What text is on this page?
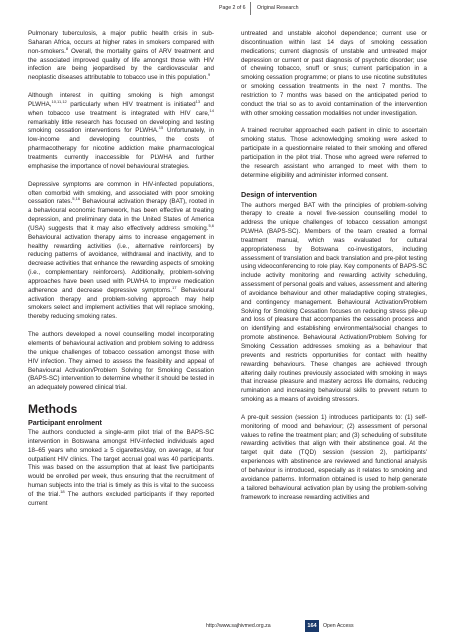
Page 2 of 6 Original Research

Pulmonary tuberculosis, a major public health crisis in sub-Saharan Africa, occurs at higher rates in smokers compared with non-smokers.$^8$ Overall, the mortality gains of ARV treatment and the associated improved quality of life amongst those with HIV infection are being jeopardised by the cardiovascular and neoplastic diseases attributable to tobacco use in this population.$^9$

Although interest in quitting smoking is high amongst PLWHA,$^{10,11,12}$ particularly when HIV treatment is initiated$^{13}$ and when tobacco use treatment is integrated with HIV care,$^{14}$ remarkably little research has focused on developing and testing smoking cessation interventions for PLWHA.$^{15}$ Unfortunately, in low-income and developing countries, the costs of pharmacotherapy for nicotine addiction make pharmacological treatments currently inaccessible for PLWHA and further emphasise the importance of novel behavioural strategies.

Depressive symptoms are common in HIV-infected populations, often comorbid with smoking, and associated with poor smoking cessation rates.$^{5,16}$ Behavioural activation therapy (BAT), rooted in a behavioural economic framework, has been effective at treating depression, and preliminary data in the United States of America (USA) suggests that it may also effectively address smoking.$^{5,6}$ Behavioural activation therapy aims to increase engagement in healthy rewarding activities (i.e., alternative reinforcers) by reducing patterns of avoidance, withdrawal and inactivity, and to decrease activities that enhance the rewarding aspects of smoking (i.e., complementary reinforcers). Additionally, problem-solving approaches have been used with PLWHA to improve medication adherence and decrease depressive symptoms.$^{17}$ Behavioural activation therapy and problem-solving approach may help smokers select and implement activities that will replace smoking, thereby reducing smoking rates.

The authors developed a novel counselling model incorporating elements of behavioural activation and problem solving to address the unique challenges of tobacco cessation amongst those with HIV infection. They aimed to assess the feasibility and appeal of Behavioural Activation/Problem Solving for Smoking Cessation (BAPS-SC) intervention to determine whether it should be tested in an adequately powered clinical trial.

Methods
Participant enrolment

The authors conducted a single-arm pilot trial of the BAPS-SC intervention in Botswana amongst HIV-infected individuals aged 18–65 years who smoked ≥ 5 cigarettes/day, on average, at four outpatient HIV clinics. The target accrual goal was 40 participants. This was based on the assumption that at least five participants would be enrolled per week, thus ensuring that the recruitment of human subjects into the trial is timely as this is vital to the success of the trial.$^{18}$ The authors excluded participants if they reported current

untreated and unstable alcohol dependence; current use or discontinuation within last 14 days of smoking cessation medications; current diagnosis of unstable and untreated major depression or current or past diagnosis of psychotic disorder; use of chewing tobacco, snuff or snus; current participation in a smoking cessation programme; or plans to use nicotine substitutes or smoking cessation treatments in the next 7 months. The restriction to 7 months was based on the anticipated period to conduct the trial so as to avoid contamination of the intervention with other smoking cessation modalities not under investigation.

A trained recruiter approached each patient in clinic to ascertain smoking status. Those acknowledging smoking were asked to participate in a questionnaire related to their smoking and offered participation in the pilot trial. Those who agreed were referred to the research assistant who arranged to meet with them to determine eligibility and administer informed consent.

Design of intervention

The authors merged BAT with the principles of problem-solving therapy to create a novel five-session counselling model to address the unique challenges of tobacco cessation amongst PLWHA (BAPS-SC). Members of the team created a formal treatment manual, which was evaluated for cultural appropriateness by Botswana co-investigators, including assessment of translation and back translation and pre-pilot testing using videoconferencing to role play. Key components of BAPS-SC include activity monitoring and rewarding activity scheduling, assessment of personal goals and values, assessment and altering of avoidance behaviour and other maladaptive coping strategies, and contingency management. Behavioural Activation/Problem Solving for Smoking Cessation focuses on reducing stress pile-up and loss of pleasure that accompanies the cessation process and on identifying and establishing environmental/social changes to promote abstinence. Behavioural Activation/Problem Solving for Smoking Cessation addresses smoking as a behaviour that prevents and restricts opportunities for contact with healthy rewarding behaviours. These changes are achieved through altering daily routines previously associated with smoking in ways that increase pleasure and mastery across life domains, reducing rumination and increasing behavioural skills to prevent return to smoking as a means of avoiding stressors.

A pre-quit session (session 1) introduces participants to: (1) self-monitoring of mood and behaviour; (2) assessment of personal values to refine the treatment plan; and (3) scheduling of substitute rewarding activities that align with their abstinence goal. At the target quit date (TQD) session (session 2), participants' experiences with abstinence are reviewed and functional analysis of behaviour is introduced, especially as it relates to smoking and avoidance patterns. Information obtained is used to help generate a tailored behavioural activation plan by using the problem-solving framework to increase rewarding activities and

http://www.sajhivmed.org.za	164	Open Access
